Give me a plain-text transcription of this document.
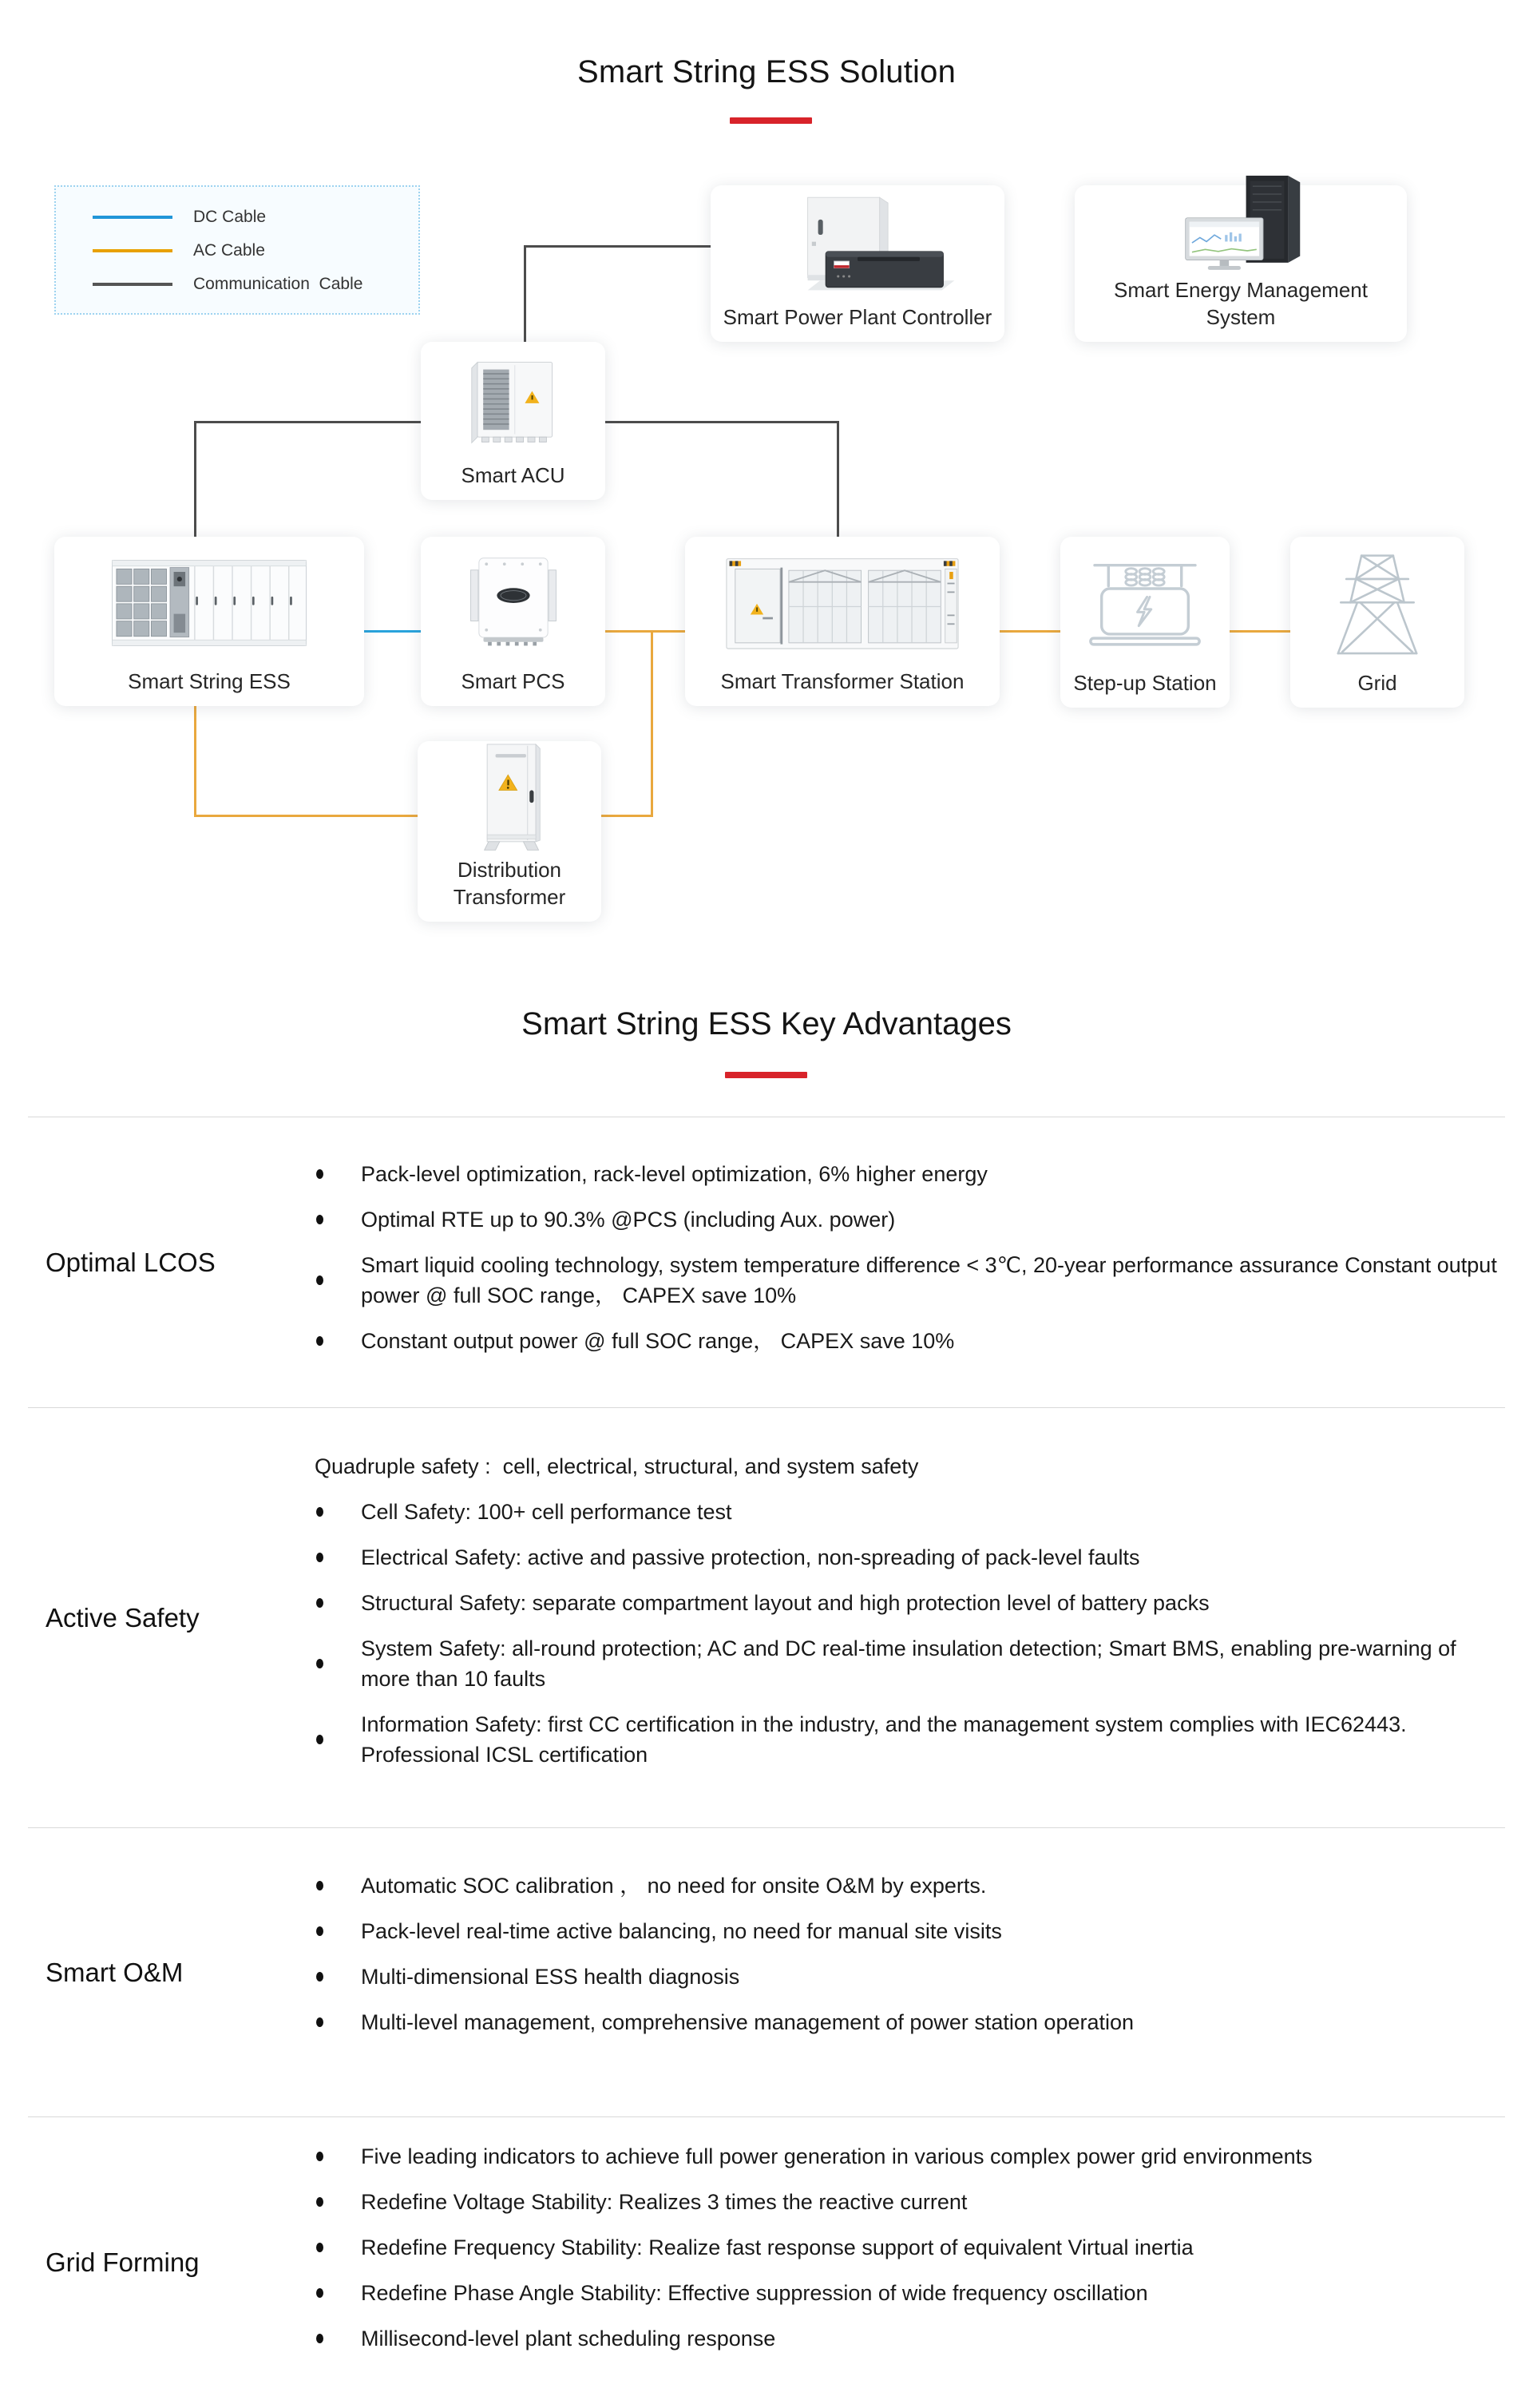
Smart String ESS Solution
DC Cable
AC Cable
Communication  Cable
Smart Power Plant Controller
Smart Energy Management System
Smart ACU
Smart String ESS	Smart PCS	Smart Transformer Station	Step-up Station	Grid
Distribution Transformer
Smart String ESS Key Advantages
Optimal LCOS
Pack-level optimization, rack-level optimization, 6% higher energy
Optimal RTE up to 90.3% @PCS (including Aux. power)
Smart liquid cooling technology, system temperature difference < 3℃, 20-year performance assurance Constant output power @ full SOC range， CAPEX save 10%
Constant output power @ full SOC range， CAPEX save 10%
Active Safety
Quadruple safety :  cell, electrical, structural, and system safety
Cell Safety: 100+ cell performance test
Electrical Safety: active and passive protection, non-spreading of pack-level faults
Structural Safety: separate compartment layout and high protection level of battery packs
System Safety: all-round protection; AC and DC real-time insulation detection; Smart BMS, enabling pre-warning of more than 10 faults
Information Safety: first CC certification in the industry, and the management system complies with IEC62443. Professional ICSL certification
Smart O&M
Automatic SOC calibration ， no need for onsite O&M by experts.
Pack-level real-time active balancing, no need for manual site visits
Multi-dimensional ESS health diagnosis
Multi-level management, comprehensive management of power station operation
Grid Forming
Five leading indicators to achieve full power generation in various complex power grid environments
Redefine Voltage Stability: Realizes 3 times the reactive current
Redefine Frequency Stability: Realize fast response support of equivalent Virtual inertia
Redefine Phase Angle Stability: Effective suppression of wide frequency oscillation
Millisecond-level plant scheduling response
